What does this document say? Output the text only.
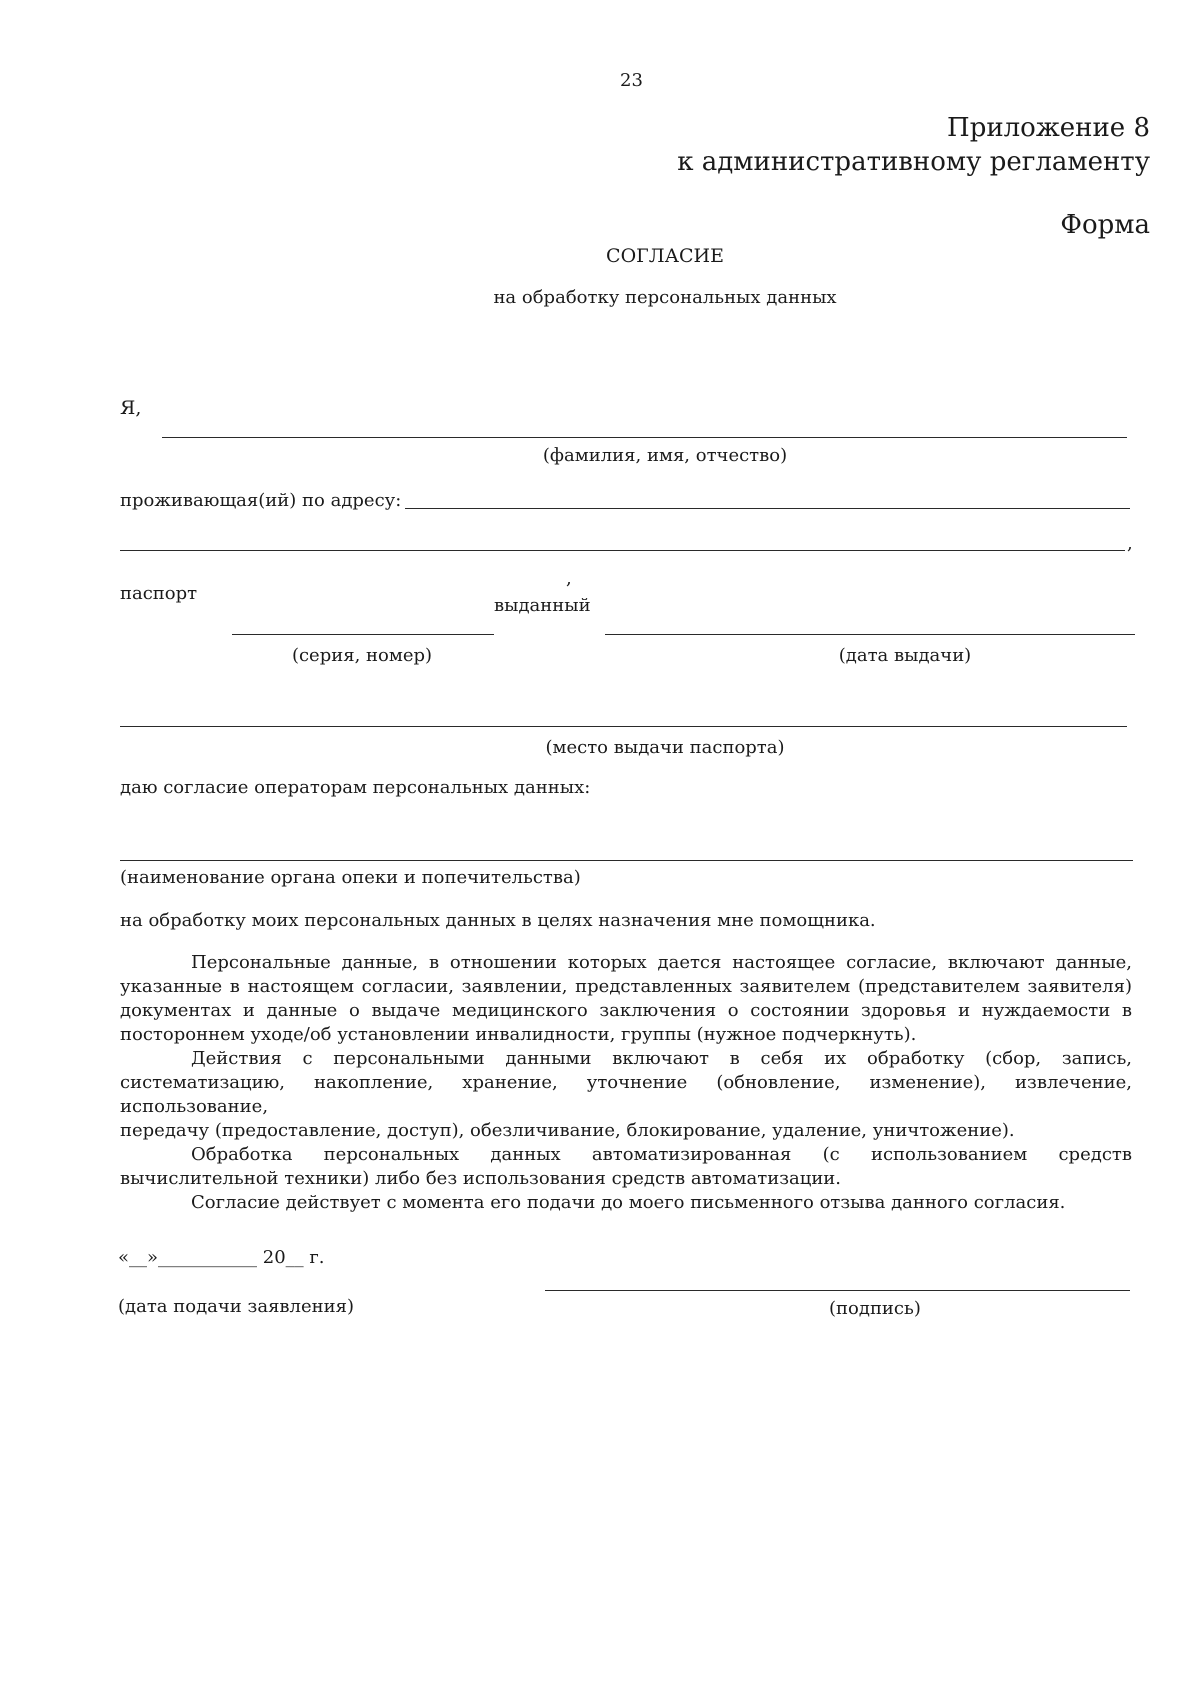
23
Приложение 8
к административному регламенту
Форма
СОГЛАСИЕ
на обработку персональных данных
Я,
(фамилия, имя, отчество)
проживающая(ий) по адресу:
,
паспорт
,
выданный
(серия, номер)	(дата выдачи)
(место выдачи паспорта)
даю согласие операторам персональных данных:
(наименование органа опеки и попечительства)
на обработку моих персональных данных в целях назначения мне помощника.

Персональные данные, в отношении которых дается настоящее согласие, включают данные,

указанные в настоящем согласии, заявлении, представленных заявителем (представителем заявителя)

документах и данные о выдаче медицинского заключения о состоянии здоровья и нуждаемости в

постороннем уходе/об установлении инвалидности, группы (нужное подчеркнуть).

Действия с персональными данными включают в себя их обработку (сбор, запись,

систематизацию, накопление, хранение, уточнение (обновление, изменение), извлечение, использование,

передачу (предоставление, доступ), обезличивание, блокирование, удаление, уничтожение).

Обработка персональных данных автоматизированная (с использованием средств

вычислительной техники) либо без использования средств автоматизации.

Согласие действует с момента его подачи до моего письменного отзыва данного согласия.

«__»___________ 20__ г.
(дата подачи заявления)	(подпись)
